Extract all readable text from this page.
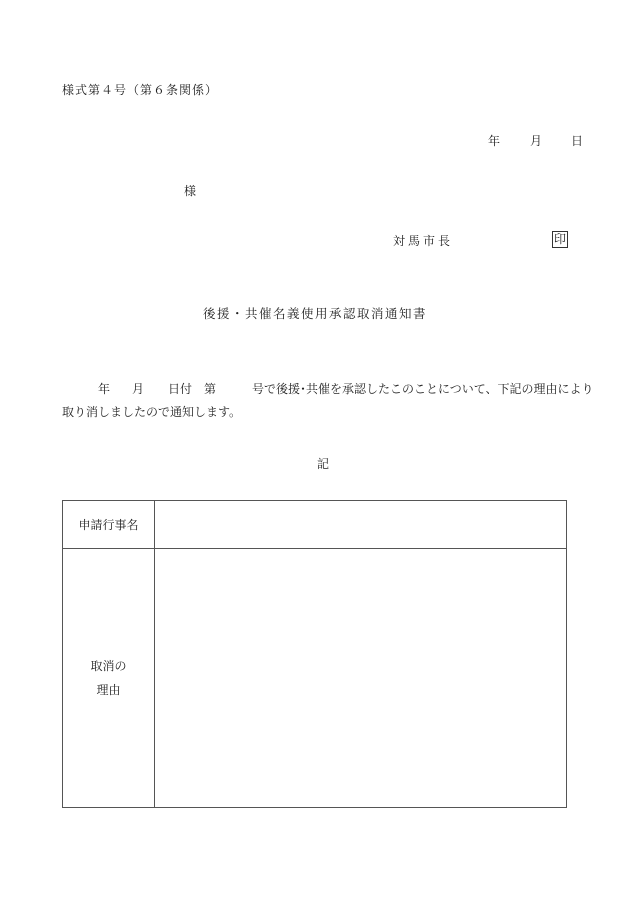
様式第４号（第６条関係）
年 月 日
様
対馬市長	印
後援・共催名義使用承認取消通知書
年 月 日付 第	号で後援･共催を承認したこのことについて、下記の理由により
取り消しましたので通知します。
記
申請行事名
取消の
理由
